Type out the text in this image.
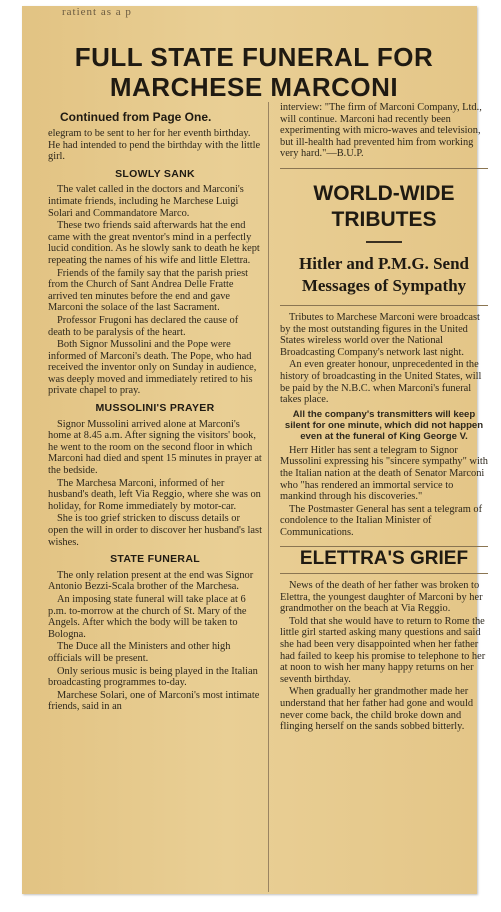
ratient as a p
FULL STATE FUNERAL FOR
MARCHESE MARCONI
Continued from Page One.

elegram to be sent to her for her eventh birthday. He had intended to pend the birthday with the little girl.

SLOWLY SANK

The valet called in the doctors and Marconi's intimate friends, including he Marchese Luigi Solari and Commandatore Marco.

These two friends said afterwards hat the end came with the great nventor's mind in a perfectly lucid condition. As he slowly sank to death he kept repeating the names of his wife and little Elettra.

Friends of the family say that the parish priest from the Church of Sant Andrea Delle Fratte arrived ten minutes before the end and gave Marconi the solace of the last Sacrament.

Professor Frugoni has declared the cause of death to be paralysis of the heart.

Both Signor Mussolini and the Pope were informed of Marconi's death. The Pope, who had received the inventor only on Sunday in audience, was deeply moved and immediately retired to his private chapel to pray.

MUSSOLINI'S PRAYER

Signor Mussolini arrived alone at Marconi's home at 8.45 a.m. After signing the visitors' book, he went to the room on the second floor in which Marconi had died and spent 15 minutes in prayer at the bedside.

The Marchesa Marconi, informed of her husband's death, left Via Reggio, where she was on holiday, for Rome immediately by motor-car.

She is too grief stricken to discuss details or open the will in order to discover her husband's last wishes.

STATE FUNERAL

The only relation present at the end was Signor Antonio Bezzi-Scala brother of the Marchesa.

An imposing state funeral will take place at 6 p.m. to-morrow at the church of St. Mary of the Angels. After which the body will be taken to Bologna.

The Duce all the Ministers and other high officials will be present.

Only serious music is being played in the Italian broadcasting programmes to-day.

Marchese Solari, one of Marconi's most intimate friends, said in an

interview: "The firm of Marconi Company, Ltd., will continue. Marconi had recently been experimenting with micro-waves and television, but ill-health had prevented him from working very hard."—B.U.P.

WORLD-WIDE
TRIBUTES
Hitler and P.M.G. Send
Messages of Sympathy

Tributes to Marchese Marconi were broadcast by the most outstanding figures in the United States wireless world over the National Broadcasting Company's network last night.

An even greater honour, unprecedented in the history of broadcasting in the United States, will be paid by the N.B.C. when Marconi's funeral takes place.

All the company's transmitters will keep silent for one minute, which did not happen even at the funeral of King George V.

Herr Hitler has sent a telegram to Signor Mussolini expressing his "sincere sympathy" with the Italian nation at the death of Senator Marconi who "has rendered an immortal service to mankind through his discoveries."

The Postmaster General has sent a telegram of condolence to the Italian Minister of Communications.

ELETTRA'S GRIEF

News of the death of her father was broken to Elettra, the youngest daughter of Marconi by her grandmother on the beach at Via Reggio.

Told that she would have to return to Rome the little girl started asking many questions and said she had been very disappointed when her father had failed to keep his promise to telephone to her at noon to wish her many happy returns on her seventh birthday.

When gradually her grandmother made her understand that her father had gone and would never come back, the child broke down and flinging herself on the sands sobbed bitterly.
